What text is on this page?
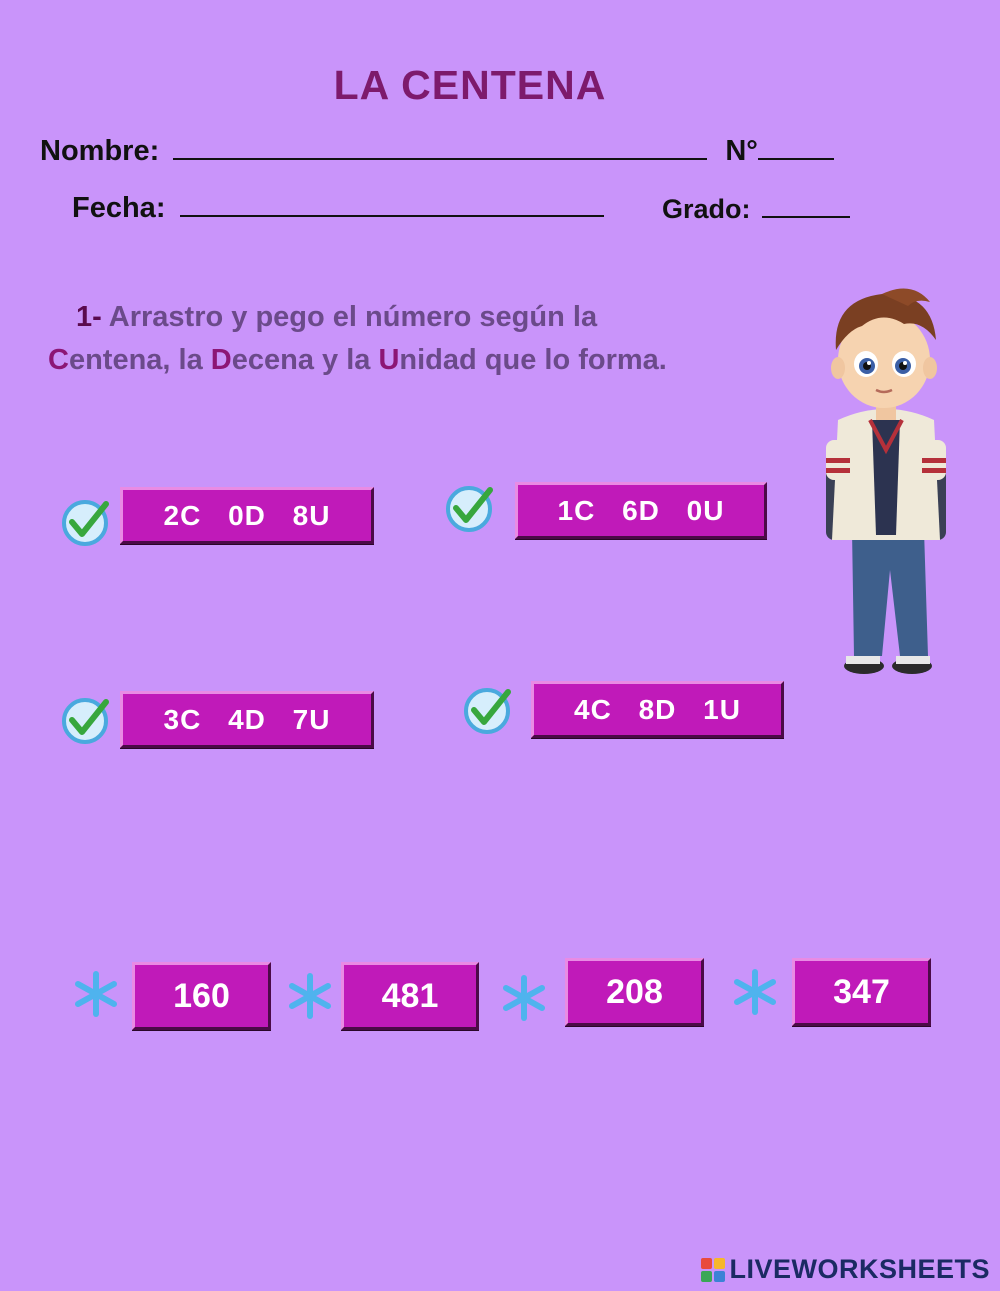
LA CENTENA
Nombre:	N°
Fecha:	Grado:
1- Arrastro y pego el número según la
Centena, la Decena y la Unidad que lo forma.
2C 0D 8U	1C 6D 0U
3C 4D 7U	4C 8D 1U
160	481	208	347
LIVEWORKSHEETS
